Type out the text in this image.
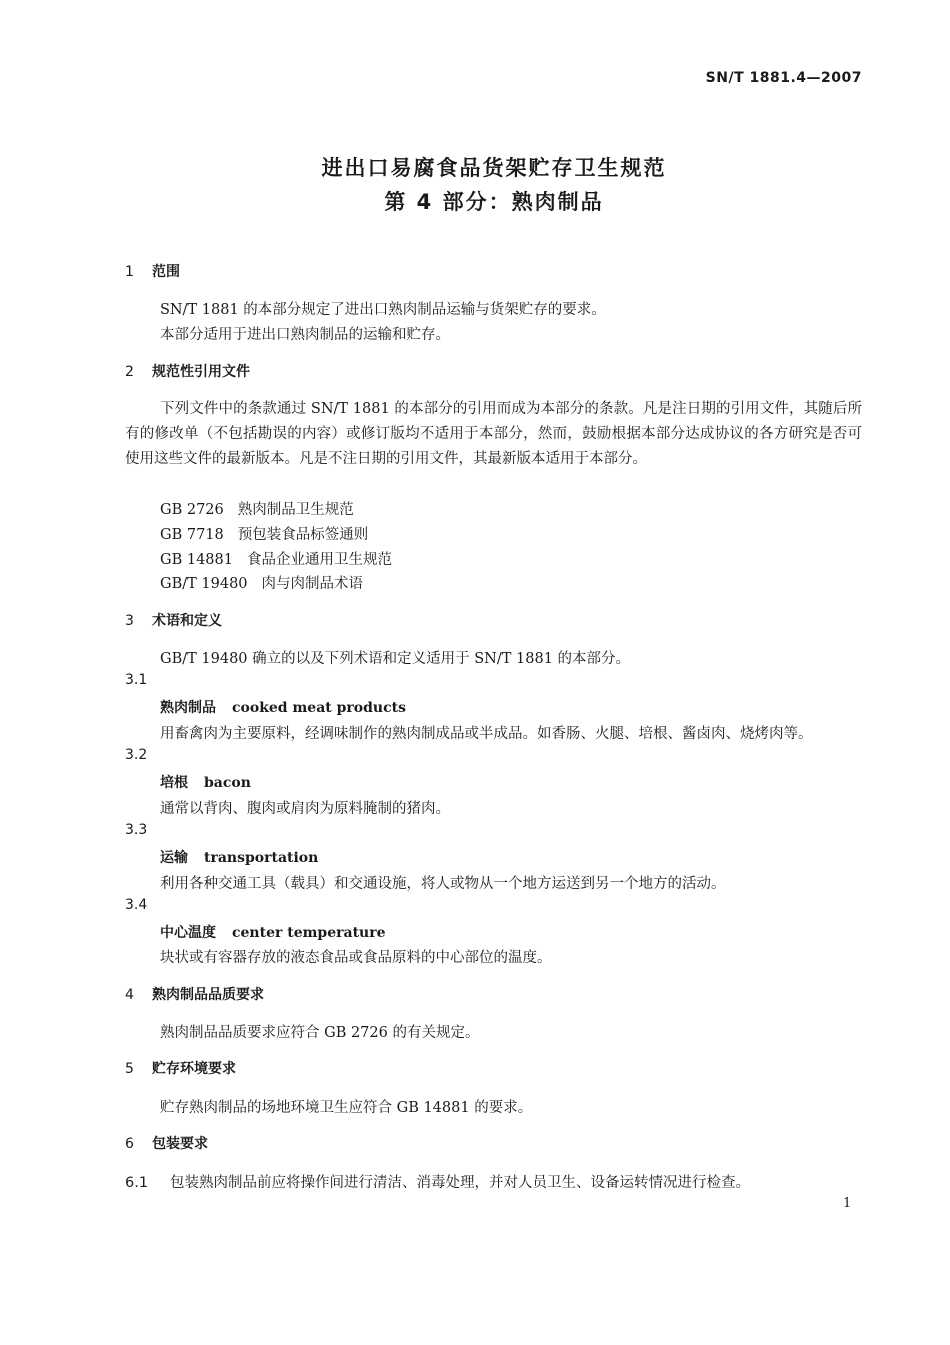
SN/T 1881.4—2007
进出口易腐食品货架贮存卫生规范
第 4 部分：熟肉制品
1 范围
SN/T 1881 的本部分规定了进出口熟肉制品运输与货架贮存的要求。
本部分适用于进出口熟肉制品的运输和贮存。
2 规范性引用文件

下列文件中的条款通过 SN/T 1881 的本部分的引用而成为本部分的条款。凡是注日期的引用文件，其随后所有的修改单（不包括勘误的内容）或修订版均不适用于本部分，然而，鼓励根据本部分达成协议的各方研究是否可使用这些文件的最新版本。凡是不注日期的引用文件，其最新版本适用于本部分。

GB 2726 熟肉制品卫生规范
GB 7718 预包装食品标签通则
GB 14881 食品企业通用卫生规范
GB/T 19480 肉与肉制品术语
3 术语和定义
GB/T 19480 确立的以及下列术语和定义适用于 SN/T 1881 的本部分。
3.1
熟肉制品 cooked meat products
用畜禽肉为主要原料，经调味制作的熟肉制成品或半成品。如香肠、火腿、培根、酱卤肉、烧烤肉等。
3.2
培根 bacon
通常以背肉、腹肉或肩肉为原料腌制的猪肉。
3.3
运输 transportation
利用各种交通工具（载具）和交通设施，将人或物从一个地方运送到另一个地方的活动。
3.4
中心温度 center temperature
块状或有容器存放的液态食品或食品原料的中心部位的温度。
4 熟肉制品品质要求
熟肉制品品质要求应符合 GB 2726 的有关规定。
5 贮存环境要求
贮存熟肉制品的场地环境卫生应符合 GB 14881 的要求。
6 包装要求
6.1 包装熟肉制品前应将操作间进行清洁、消毒处理，并对人员卫生、设备运转情况进行检查。
1
